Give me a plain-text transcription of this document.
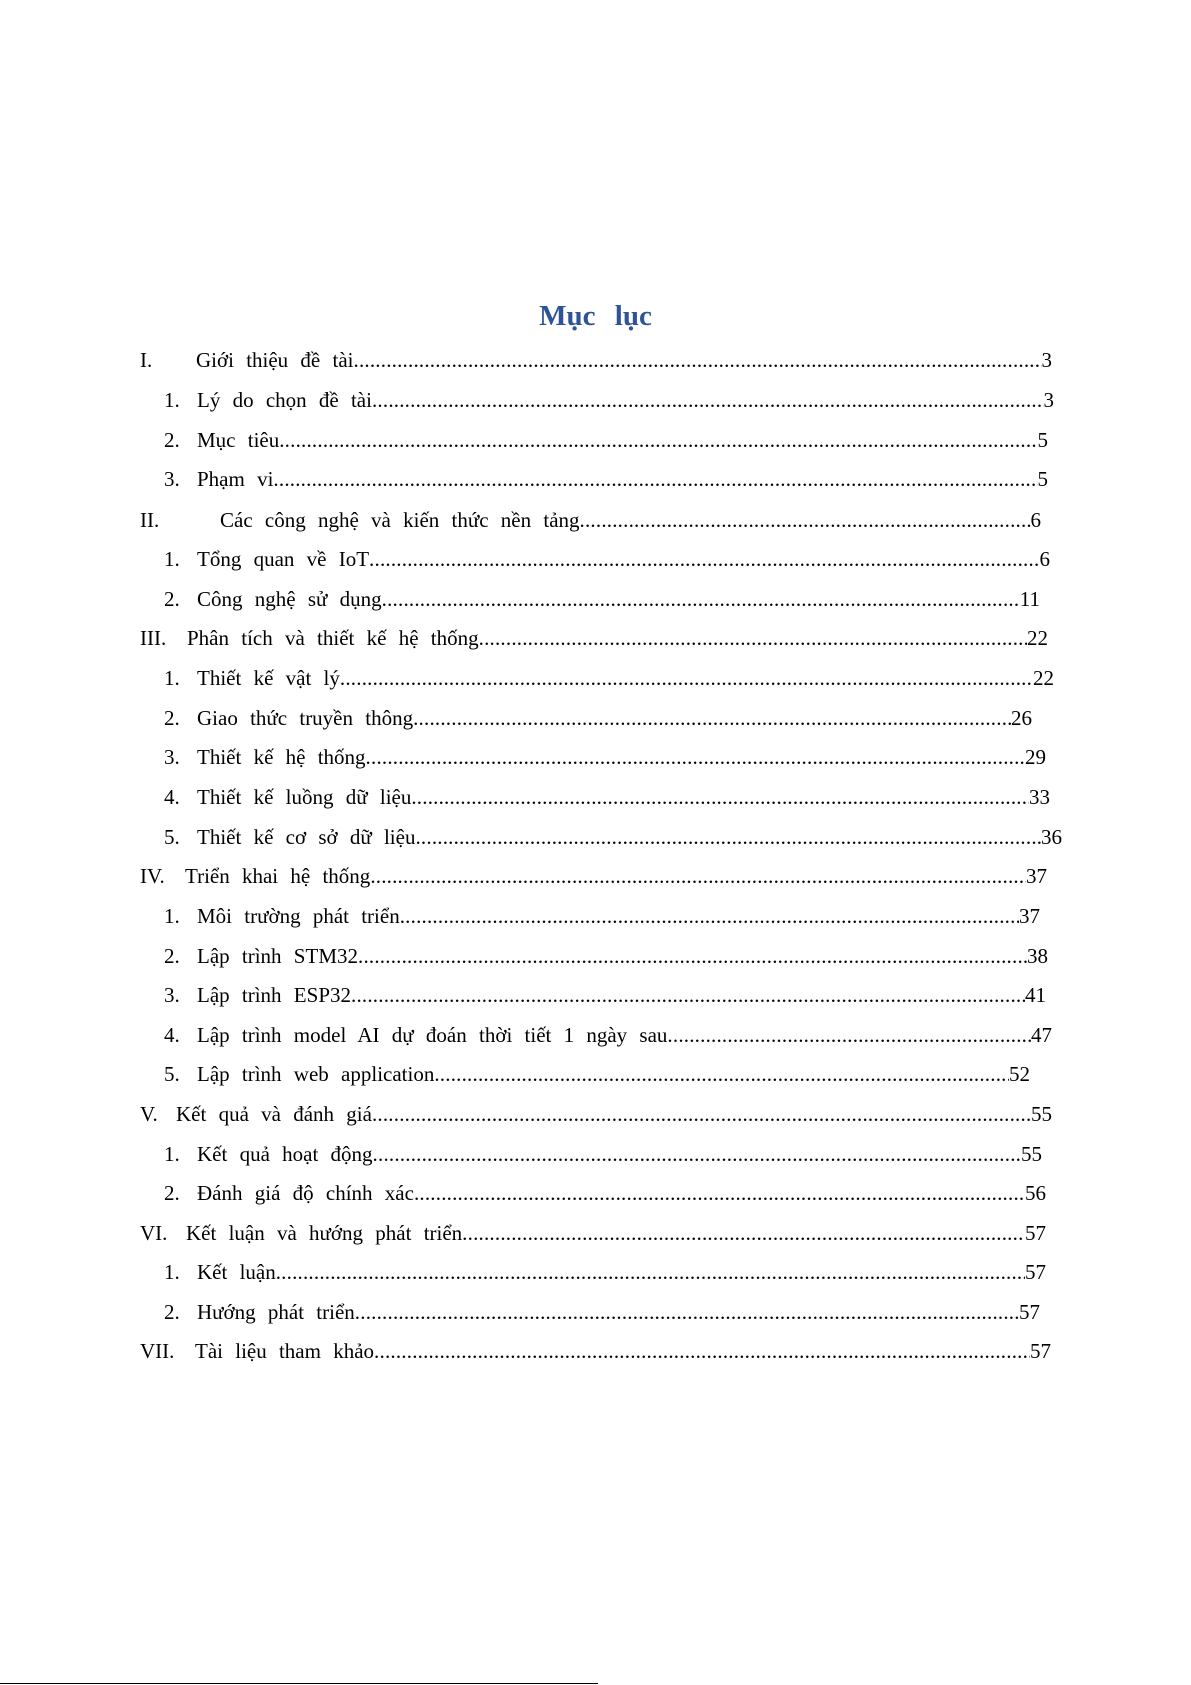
Mục lục
I.	Giới thiệu đề tài .....	3
1. Lý do chọn đề tài .....	3
2. Mục tiêu .....	5
3. Phạm vi .....	5
II.	Các công nghệ và kiến thức nền tảng .....	6
1. Tổng quan về IoT .....	6
2. Công nghệ sử dụng .....	11
III. Phân tích và thiết kế hệ thống .....	22
1. Thiết kế vật lý .....	22
2. Giao thức truyền thông .....	26
3. Thiết kế hệ thống .....	29
4. Thiết kế luồng dữ liệu .....	33
5. Thiết kế cơ sở dữ liệu .....	36
IV. Triển khai hệ thống .....	37
1. Môi trường phát triển .....	37
2. Lập trình STM32 .....	38
3. Lập trình ESP32 .....	41
4. Lập trình model AI dự đoán thời tiết 1 ngày sau .....	47
5. Lập trình web application .....	52
V. Kết quả và đánh giá .....	55
1. Kết quả hoạt động .....	55
2. Đánh giá độ chính xác .....	56
VI. Kết luận và hướng phát triển .....	57
1. Kết luận .....	57
2. Hướng phát triển .....	57
VII. Tài liệu tham khảo .....	57
